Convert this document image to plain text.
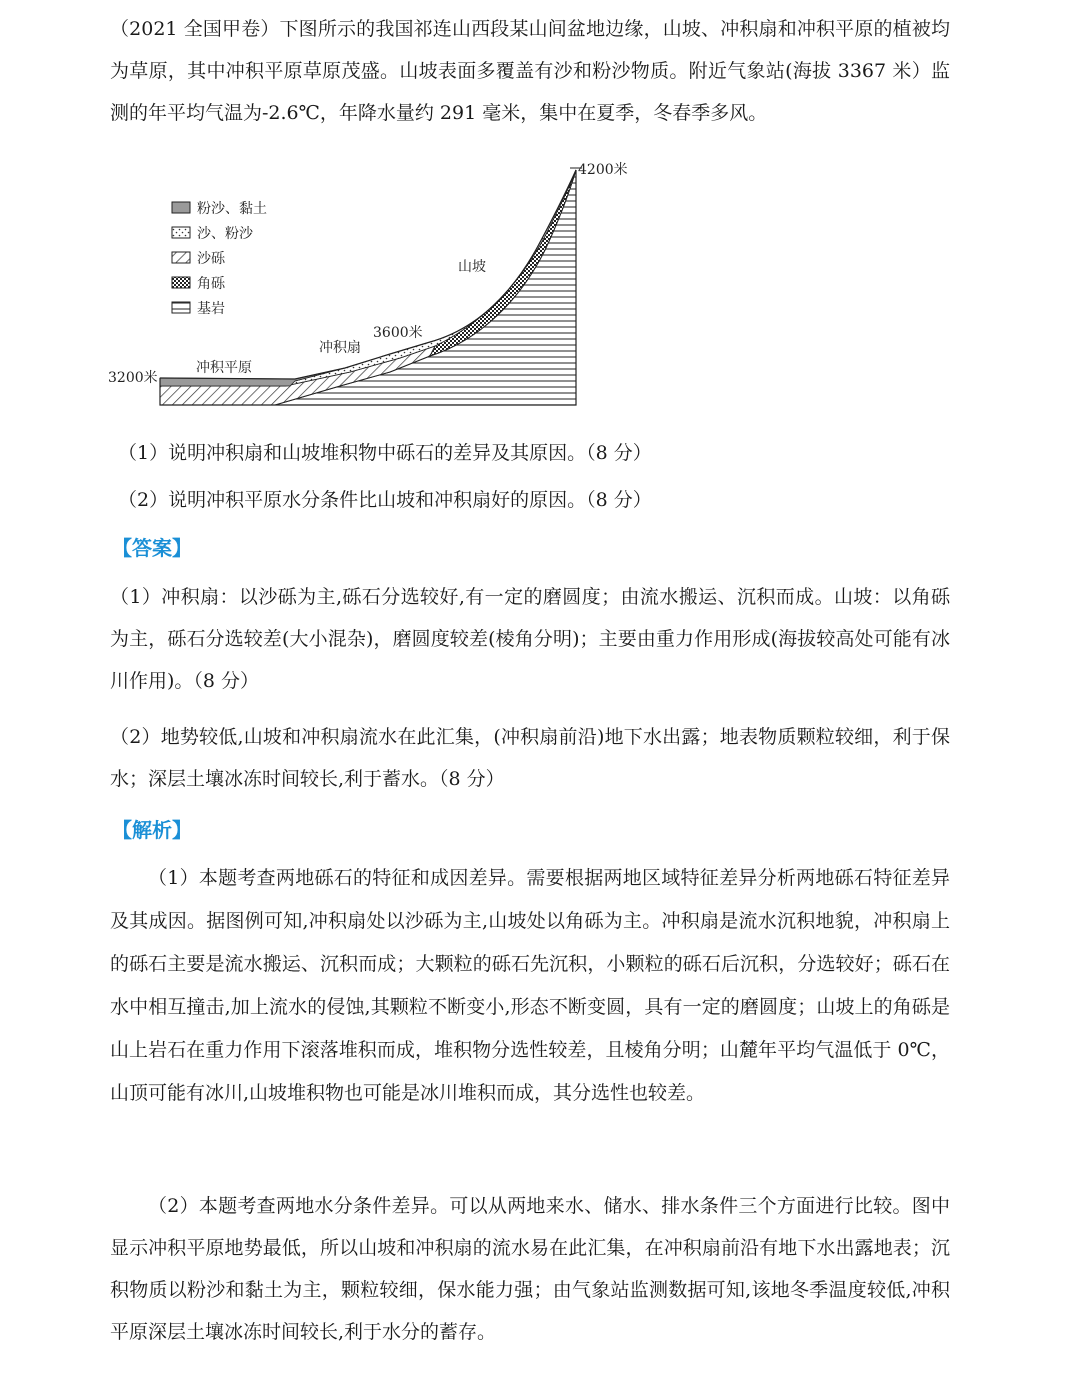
（2021 全国甲卷）下图所示的我国祁连山西段某山间盆地边缘，山坡、冲积扇和冲积平原的植被均为草原，其中冲积平原草原茂盛。山坡表面多覆盖有沙和粉沙物质。附近气象站(海拔 3367 米）监测的年平均气温为-2.6℃，年降水量约 291 毫米，集中在夏季，冬春季多风。

4200米
3600米
3200米
山坡
冲积扇
冲积平原
粉沙、黏土
沙、粉沙
沙砾
角砾
基岩

（1）说明冲积扇和山坡堆积物中砾石的差异及其原因。（8 分）

（2）说明冲积平原水分条件比山坡和冲积扇好的原因。（8 分）

【答案】

（1）冲积扇：以沙砾为主,砾石分选较好,有一定的磨圆度；由流水搬运、沉积而成。山坡：以角砾为主，砾石分选较差(大小混杂)，磨圆度较差(棱角分明)；主要由重力作用形成(海拔较高处可能有冰川作用)。（8 分）

（2）地势较低,山坡和冲积扇流水在此汇集，(冲积扇前沿)地下水出露；地表物质颗粒较细，利于保水；深层土壤冰冻时间较长,利于蓄水。（8 分）

【解析】

（1）本题考查两地砾石的特征和成因差异。需要根据两地区域特征差异分析两地砾石特征差异及其成因。据图例可知,冲积扇处以沙砾为主,山坡处以角砾为主。冲积扇是流水沉积地貌，冲积扇上的砾石主要是流水搬运、沉积而成；大颗粒的砾石先沉积，小颗粒的砾石后沉积，分选较好；砾石在水中相互撞击,加上流水的侵蚀,其颗粒不断变小,形态不断变圆，具有一定的磨圆度；山坡上的角砾是山上岩石在重力作用下滚落堆积而成，堆积物分选性较差，且棱角分明；山麓年平均气温低于 0℃， 山顶可能有冰川,山坡堆积物也可能是冰川堆积而成，其分选性也较差。

（2）本题考查两地水分条件差异。可以从两地来水、储水、排水条件三个方面进行比较。图中显示冲积平原地势最低，所以山坡和冲积扇的流水易在此汇集，在冲积扇前沿有地下水出露地表；沉积物质以粉沙和黏土为主，颗粒较细，保水能力强；由气象站监测数据可知,该地冬季温度较低,冲积平原深层土壤冰冻时间较长,利于水分的蓄存。
